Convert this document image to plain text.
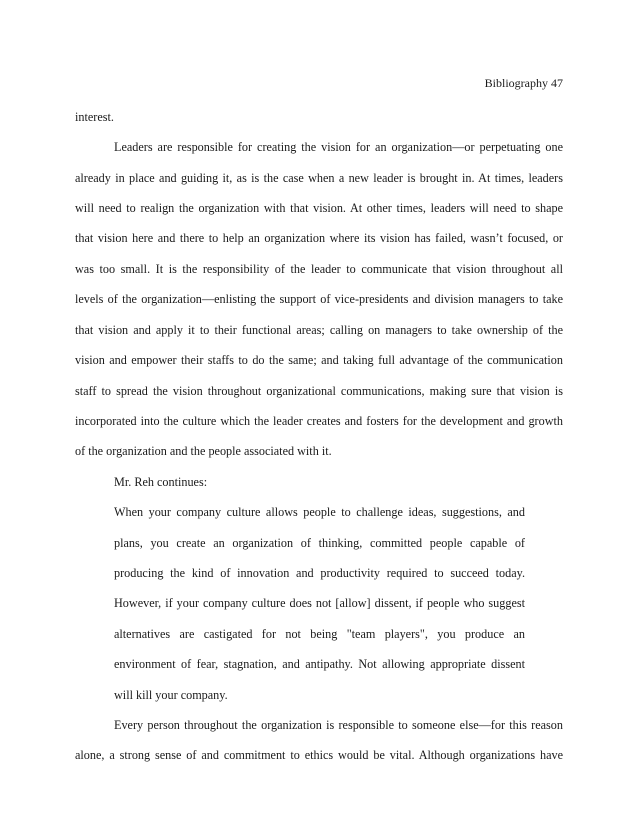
Bibliography 47
interest.
Leaders are responsible for creating the vision for an organization—or perpetuating one
already in place and guiding it, as is the case when a new leader is brought in. At times, leaders
will need to realign the organization with that vision. At other times, leaders will need to shape
that vision here and there to help an organization where its vision has failed, wasn’t focused, or
was too small. It is the responsibility of the leader to communicate that vision throughout all
levels of the organization—enlisting the support of vice-presidents and division managers to take
that vision and apply it to their functional areas; calling on managers to take ownership of the
vision and empower their staffs to do the same; and taking full advantage of the communication
staff to spread the vision throughout organizational communications, making sure that vision is
incorporated into the culture which the leader creates and fosters for the development and growth
of the organization and the people associated with it.
Mr. Reh continues:
When your company culture allows people to challenge ideas, suggestions, and
plans, you create an organization of thinking, committed people capable of
producing the kind of innovation and productivity required to succeed today.
However, if your company culture does not [allow] dissent, if people who suggest
alternatives are castigated for not being "team players", you produce an
environment of fear, stagnation, and antipathy. Not allowing appropriate dissent
will kill your company.
Every person throughout the organization is responsible to someone else—for this reason
alone, a strong sense of and commitment to ethics would be vital. Although organizations have
